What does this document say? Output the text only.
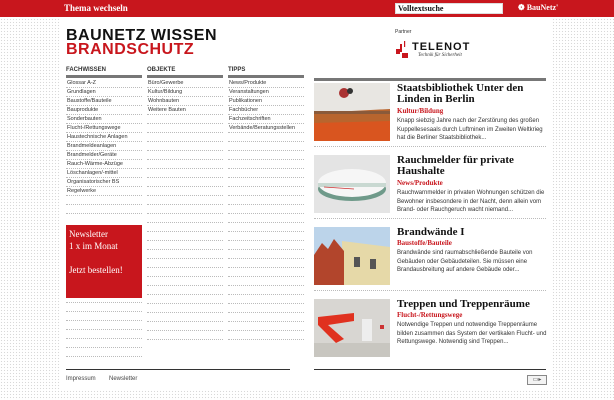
Thema wechseln	Volltextsuche	❁ BauNetz'
BAUNETZ WISSEN
BRANDSCHUTZ
Partner
TELENOT
Technik für Sicherheit
FACHWISSEN
Glossar A-Z
Grundlagen
Baustoffe/Bauteile
Bauprodukte
Sonderbauten
Flucht-/Rettungswege
Haustechnische Anlagen
Brandmeldeanlagen
Brandmelder/Geräte
Rauch-Wärme-Abzüge
Löschanlagen/-mittel
Organisatorischer BS
Regelwerke
OBJEKTE
Büro/Gewerbe
Kultur/Bildung
Wohnbauten
Weitere Bauten
TIPPS
News/Produkte
Veranstaltungen
Publikationen
Fachbücher
Fachzeitschriften
Verbände/Beratungsstellen
Newsletter
1 x im Monat
Jetzt bestellen!
Staatsbibliothek Unter den Linden in Berlin
Kultur/Bildung
Knapp siebzig Jahre nach der Zerstörung des großen Kuppellesesaals durch Luftminen im Zweiten Weltkrieg hat die Berliner Staatsbibliothek...
Rauchmelder für private Haushalte
News/Produkte
Rauchwarnmelder in privaten Wohnungen schützen die Bewohner insbesondere in der Nacht, denn allein vom Brand- oder Rauchgeruch wacht niemand...
Brandwände I
Baustoffe/Bauteile
Brandwände sind raumabschließende Bauteile von Gebäuden oder Gebäudeteilen. Sie müssen eine Brandausbreitung auf andere Gebäude oder...
Treppen und Treppenräume
Flucht-/Rettungswege
Notwendige Treppen und notwendige Treppenräume bilden zusammen das System der vertikalen Flucht- und Rettungswege. Notwendig sind Treppen...
Impressum Newsletter	▭▸
